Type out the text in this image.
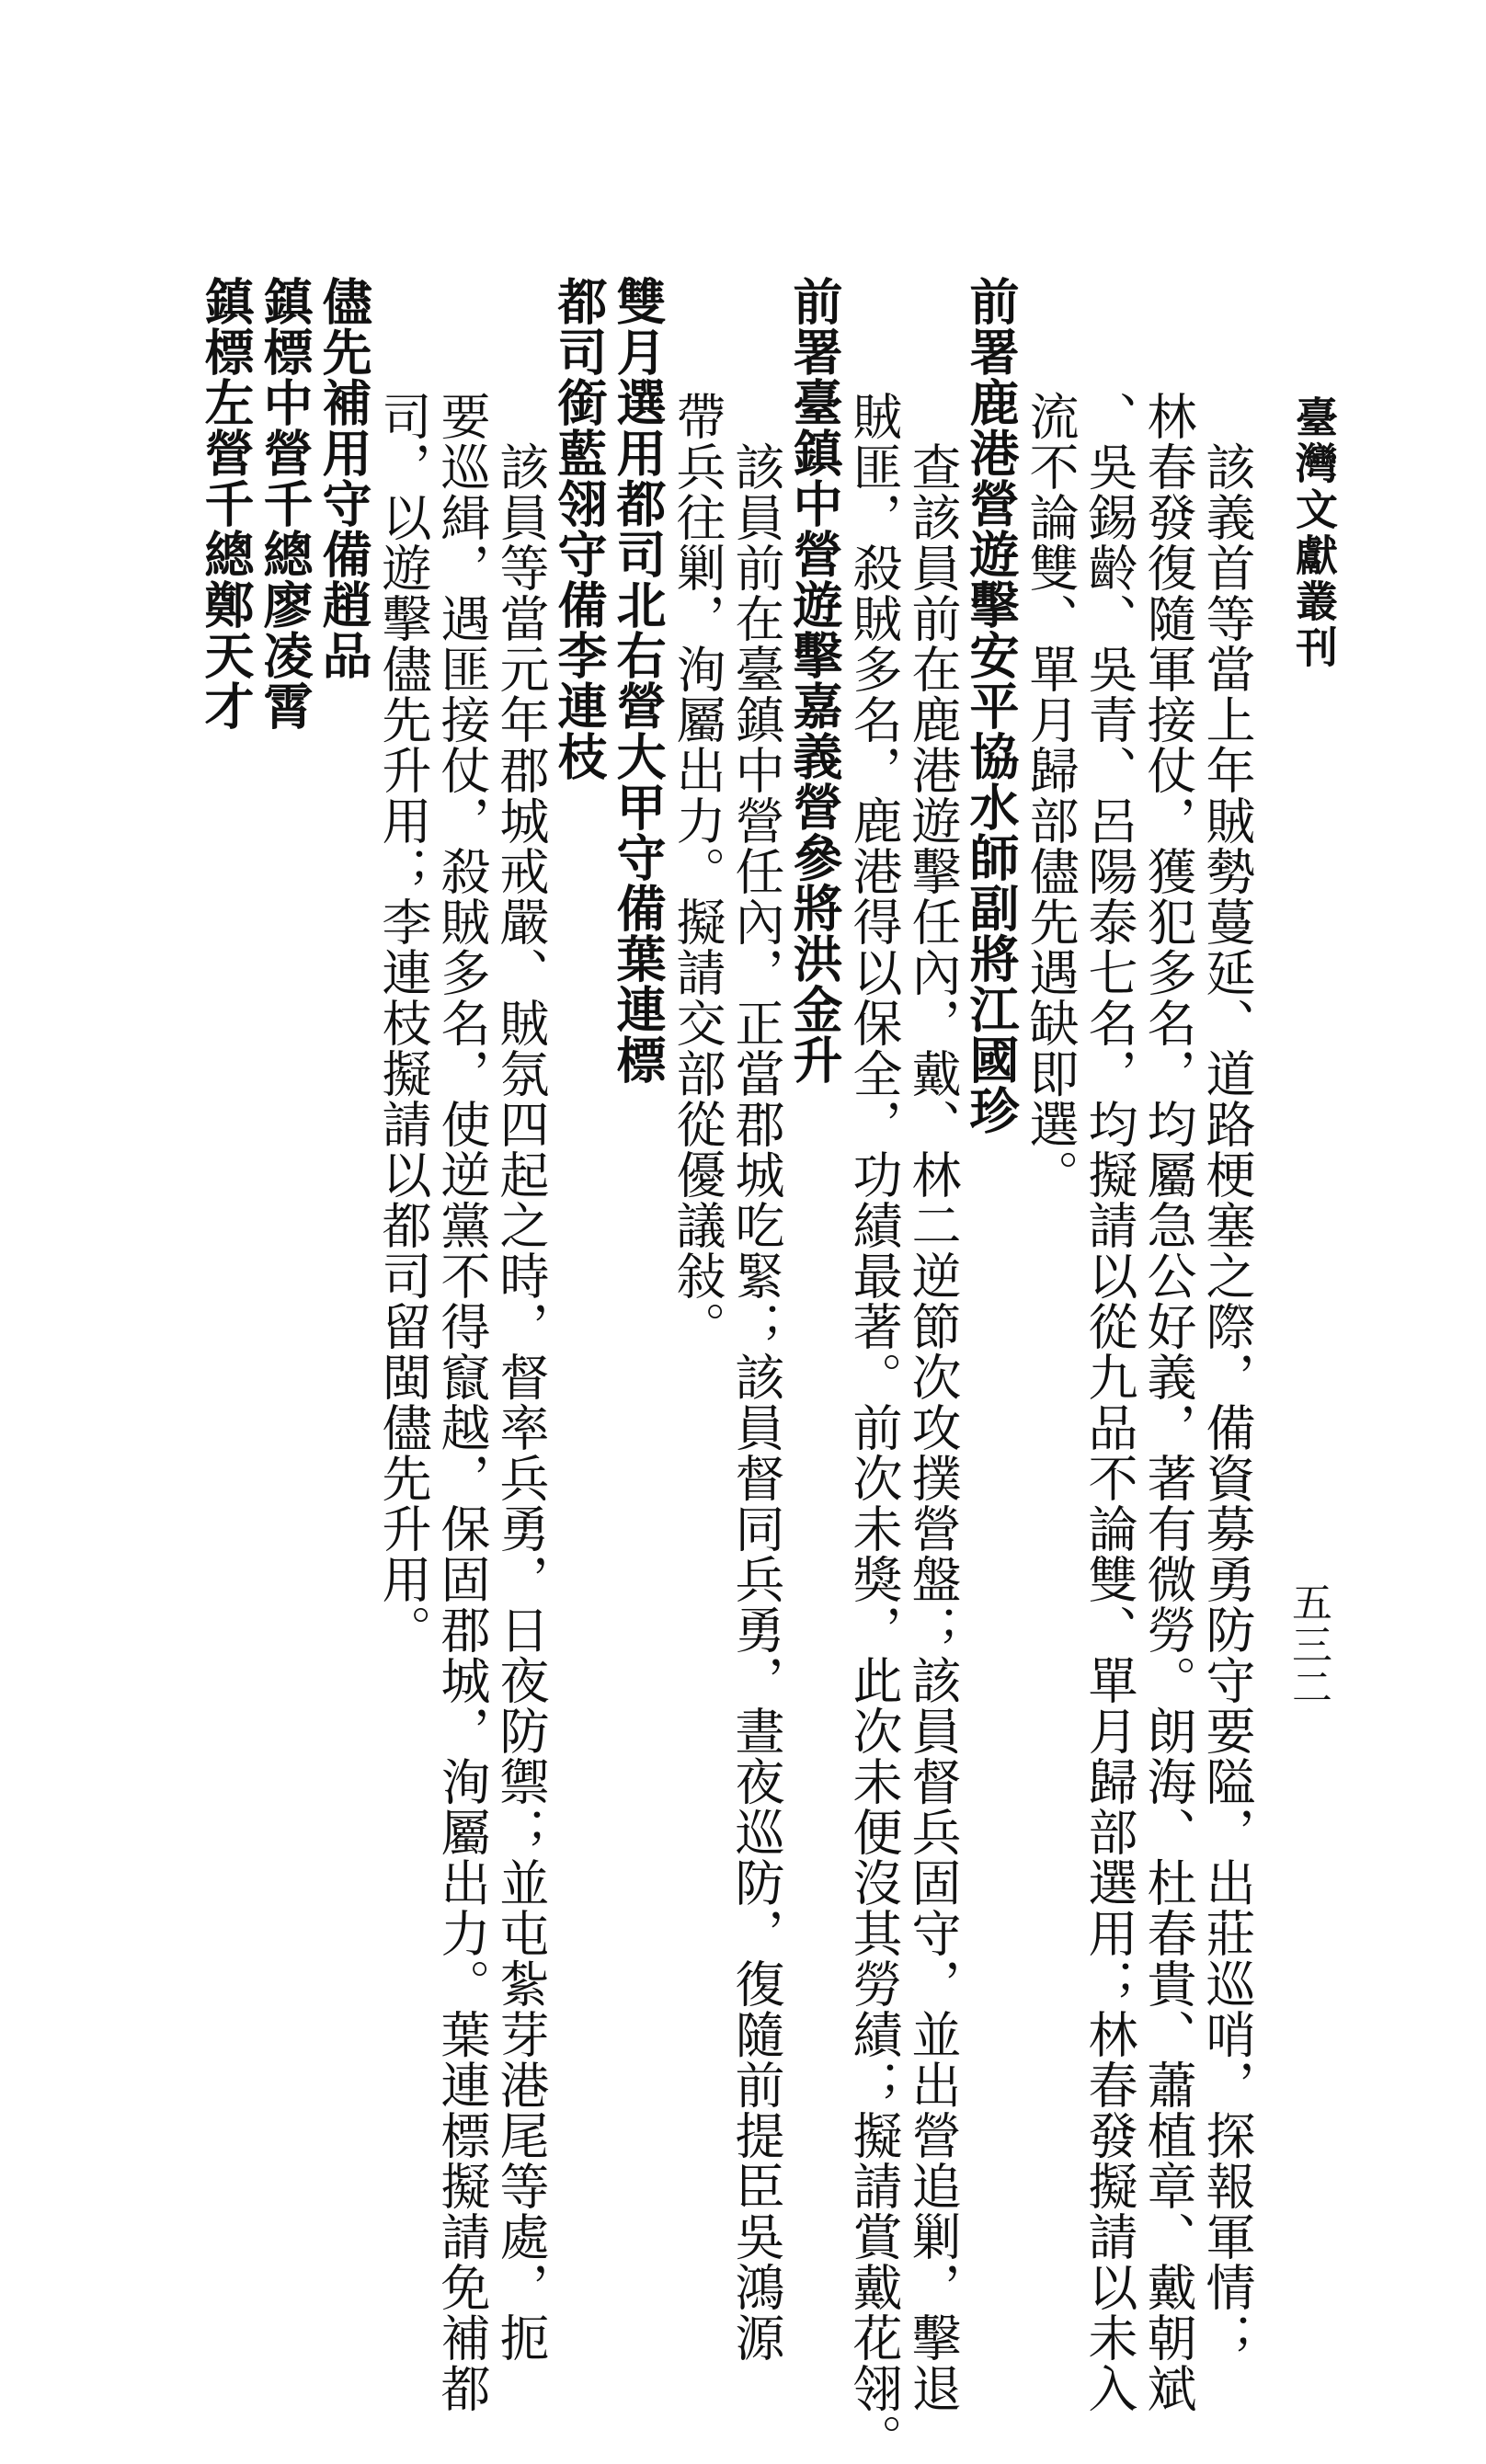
臺灣文獻叢刊
五三二
該義首等當上年賊勢蔓延、道路梗塞之際，備資募勇防守要隘，出莊巡哨，探報軍情；
林春發復隨軍接仗，獲犯多名，均屬急公好義，著有微勞。朗海、杜春貴、蕭植章、戴朝斌
、吳錫齡、吳青、呂陽泰七名，均擬請以從九品不論雙、單月歸部選用；林春發擬請以未入
流不論雙、單月歸部儘先遇缺即選。
前署鹿港營遊擊安平協水師副將江國珍
查該員前在鹿港遊擊任內，戴、林二逆節次攻撲營盤；該員督兵固守，並出營追剿，擊退
賊匪，殺賊多名，鹿港得以保全，功績最著。前次未獎，此次未便沒其勞績；擬請賞戴花翎。
前署臺鎮中營遊擊嘉義營參將洪金升
該員前在臺鎮中營任內，正當郡城吃緊；該員督同兵勇，晝夜巡防，復隨前提臣吳鴻源
帶兵往剿，洵屬出力。擬請交部從優議敍。
雙月選用都司北右營大甲守備葉連標
都司銜藍翎守備李連枝
該員等當元年郡城戒嚴、賊氛四起之時，督率兵勇，日夜防禦；並屯紮芽港尾等處，扼
要巡緝，遇匪接仗，殺賊多名，使逆黨不得竄越，保固郡城，洵屬出力。葉連標擬請免補都
司，以遊擊儘先升用；李連枝擬請以都司留閩儘先升用。
儘先補用守備趙品
鎮標中營千總廖凌霄
鎮標左營千總鄭天才
